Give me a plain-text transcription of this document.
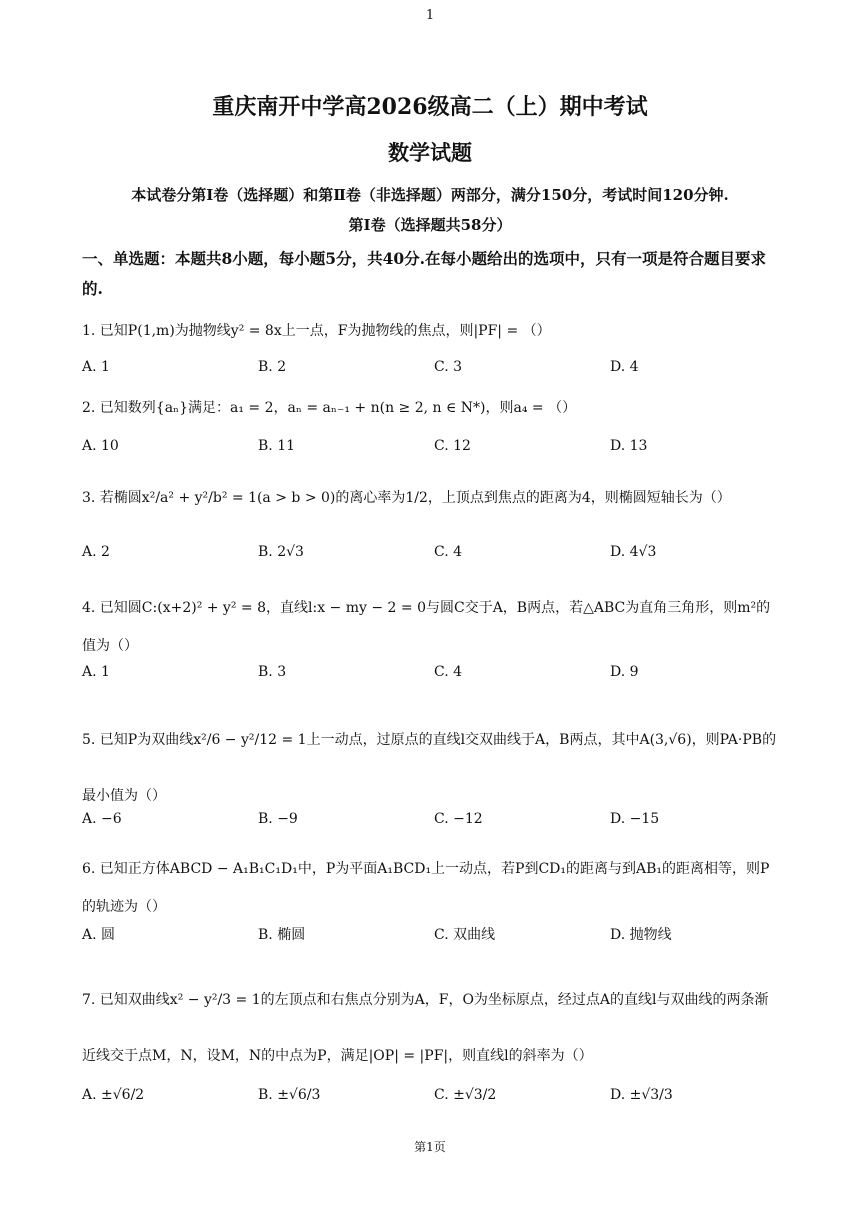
1
重庆南开中学高2026级高二（上）期中考试
数学试题
本试卷分第Ⅰ卷（选择题）和第Ⅱ卷（非选择题）两部分，满分150分，考试时间120分钟.
第Ⅰ卷（选择题共58分）
一、单选题：本题共8小题，每小题5分，共40分.在每小题给出的选项中，只有一项是符合题目要求的.
1. 已知P(1,m)为抛物线y² = 8x上一点，F为抛物线的焦点，则|PF| = （）
A. 1	B. 2	C. 3	D. 4
2. 已知数列{aₙ}满足：a₁ = 2，aₙ = aₙ₋₁ + n(n ≥ 2, n ∈ N*)，则a₄ = （）
A. 10	B. 11	C. 12	D. 13
3. 若椭圆x²/a² + y²/b² = 1(a > b > 0)的离心率为1/2，上顶点到焦点的距离为4，则椭圆短轴长为（）
A. 2	B. 2√3	C. 4	D. 4√3
4. 已知圆C:(x+2)² + y² = 8，直线l:x − my − 2 = 0与圆C交于A，B两点，若△ABC为直角三角形，则m²的值为（）
A. 1	B. 3	C. 4	D. 9
5. 已知P为双曲线x²/6 − y²/12 = 1上一动点，过原点的直线l交双曲线于A，B两点，其中A(3,√6)，则PA·PB的最小值为（）
A. −6	B. −9	C. −12	D. −15
6. 已知正方体ABCD − A₁B₁C₁D₁中，P为平面A₁BCD₁上一动点，若P到CD₁的距离与到AB₁的距离相等，则P的轨迹为（）
A. 圆	B. 椭圆	C. 双曲线	D. 抛物线
7. 已知双曲线x² − y²/3 = 1的左顶点和右焦点分别为A，F，O为坐标原点，经过点A的直线l与双曲线的两条渐近线交于点M，N，设M，N的中点为P，满足|OP| = |PF|，则直线l的斜率为（）
A. ±√6/2	B. ±√6/3	C. ±√3/2	D. ±√3/3
第1页
